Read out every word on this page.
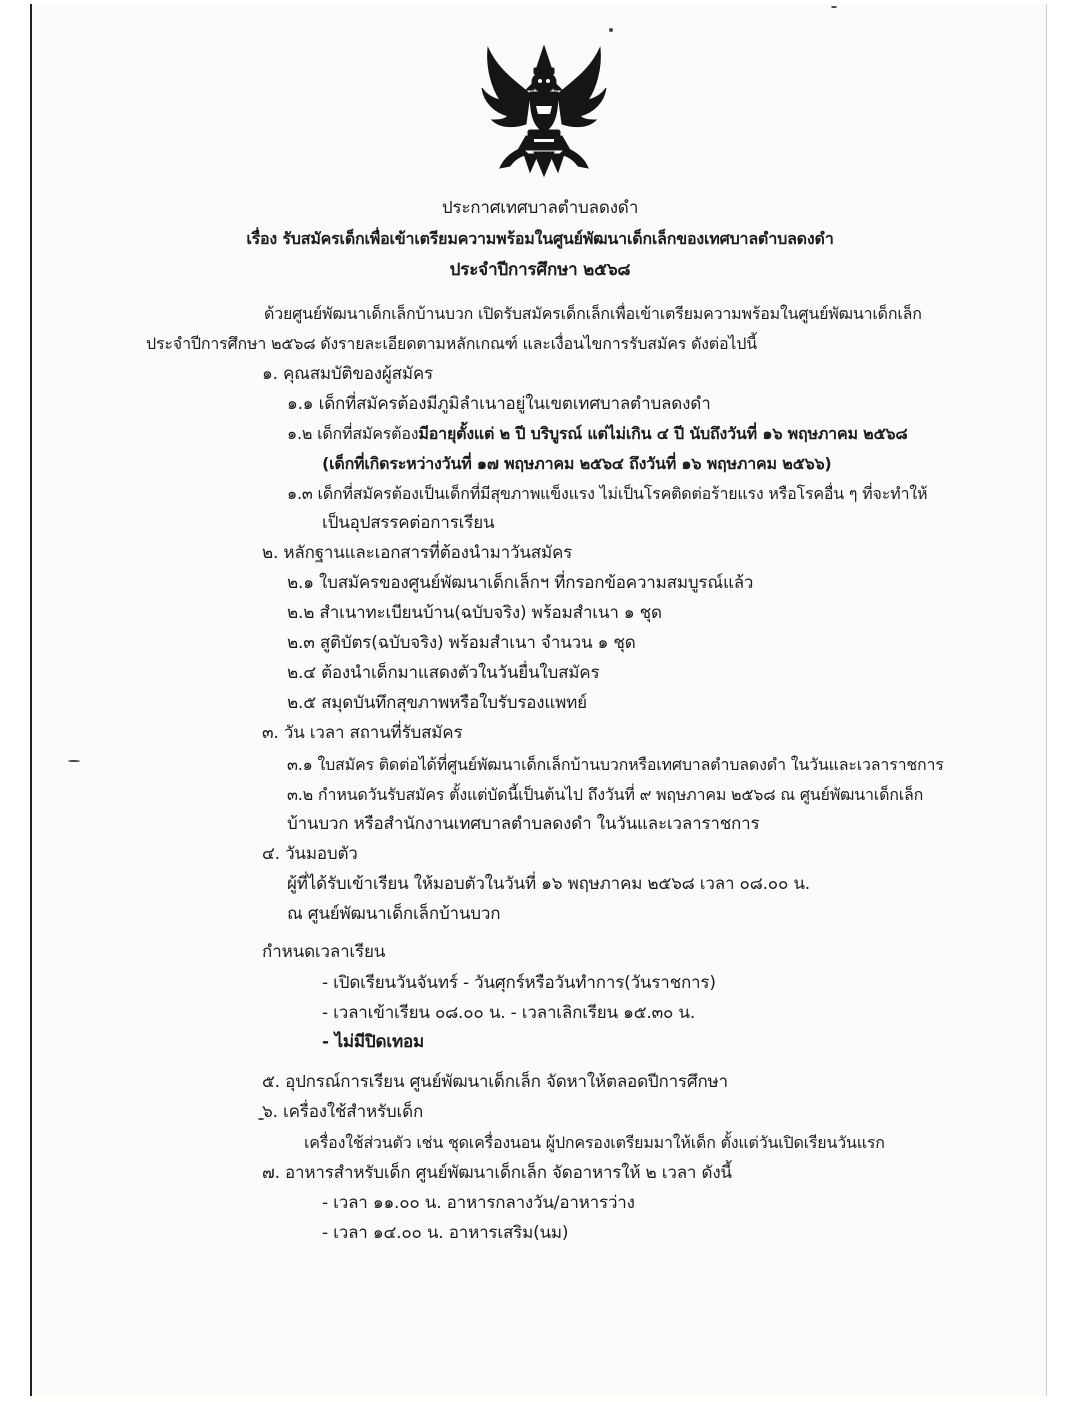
ประกาศเทศบาลตำบลดงดำ
เรื่อง รับสมัครเด็กเพื่อเข้าเตรียมความพร้อมในศูนย์พัฒนาเด็กเล็กของเทศบาลตำบลดงดำ
ประจำปีการศึกษา ๒๕๖๘
ด้วยศูนย์พัฒนาเด็กเล็กบ้านบวก เปิดรับสมัครเด็กเล็กเพื่อเข้าเตรียมความพร้อมในศูนย์พัฒนาเด็กเล็ก
ประจำปีการศึกษา ๒๕๖๘ ดังรายละเอียดตามหลักเกณฑ์ และเงื่อนไขการรับสมัคร ดังต่อไปนี้
๑. คุณสมบัติของผู้สมัคร
๑.๑ เด็กที่สมัครต้องมีภูมิลำเนาอยู่ในเขตเทศบาลตำบลดงดำ
๑.๒ เด็กที่สมัครต้องมีอายุตั้งแต่ ๒ ปี บริบูรณ์ แต่ไม่เกิน ๔ ปี นับถึงวันที่ ๑๖ พฤษภาคม ๒๕๖๘
(เด็กที่เกิดระหว่างวันที่ ๑๗ พฤษภาคม ๒๕๖๔ ถึงวันที่ ๑๖ พฤษภาคม ๒๕๖๖)
๑.๓ เด็กที่สมัครต้องเป็นเด็กที่มีสุขภาพแข็งแรง ไม่เป็นโรคติดต่อร้ายแรง หรือโรคอื่น ๆ ที่จะทำให้
เป็นอุปสรรคต่อการเรียน
๒. หลักฐานและเอกสารที่ต้องนำมาวันสมัคร
๒.๑ ใบสมัครของศูนย์พัฒนาเด็กเล็กฯ ที่กรอกข้อความสมบูรณ์แล้ว
๒.๒ สำเนาทะเบียนบ้าน(ฉบับจริง) พร้อมสำเนา ๑ ชุด
๒.๓ สูติบัตร(ฉบับจริง) พร้อมสำเนา จำนวน ๑ ชุด
๒.๔ ต้องนำเด็กมาแสดงตัวในวันยื่นใบสมัคร
๒.๕ สมุดบันทึกสุขภาพหรือใบรับรองแพทย์
๓. วัน เวลา สถานที่รับสมัคร
๓.๑ ใบสมัคร ติดต่อได้ที่ศูนย์พัฒนาเด็กเล็กบ้านบวกหรือเทศบาลตำบลดงดำ ในวันและเวลาราชการ
๓.๒ กำหนดวันรับสมัคร ตั้งแต่บัดนี้เป็นต้นไป ถึงวันที่ ๙ พฤษภาคม ๒๕๖๘ ณ ศูนย์พัฒนาเด็กเล็ก
บ้านบวก หรือสำนักงานเทศบาลตำบลดงดำ ในวันและเวลาราชการ
๔. วันมอบตัว
ผู้ที่ได้รับเข้าเรียน ให้มอบตัวในวันที่ ๑๖ พฤษภาคม ๒๕๖๘ เวลา ๐๘.๐๐ น.
ณ ศูนย์พัฒนาเด็กเล็กบ้านบวก
กำหนดเวลาเรียน
- เปิดเรียนวันจันทร์ - วันศุกร์หรือวันทำการ(วันราชการ)
- เวลาเข้าเรียน ๐๘.๐๐ น. - เวลาเลิกเรียน ๑๕.๓๐ น.
- ไม่มีปิดเทอม
๕. อุปกรณ์การเรียน ศูนย์พัฒนาเด็กเล็ก จัดหาให้ตลอดปีการศึกษา
๖. เครื่องใช้สำหรับเด็ก
เครื่องใช้ส่วนตัว เช่น ชุดเครื่องนอน ผู้ปกครองเตรียมมาให้เด็ก ตั้งแต่วันเปิดเรียนวันแรก
๗. อาหารสำหรับเด็ก ศูนย์พัฒนาเด็กเล็ก จัดอาหารให้ ๒ เวลา ดังนี้
- เวลา ๑๑.๐๐ น. อาหารกลางวัน/อาหารว่าง
- เวลา ๑๔.๐๐ น. อาหารเสริม(นม)
